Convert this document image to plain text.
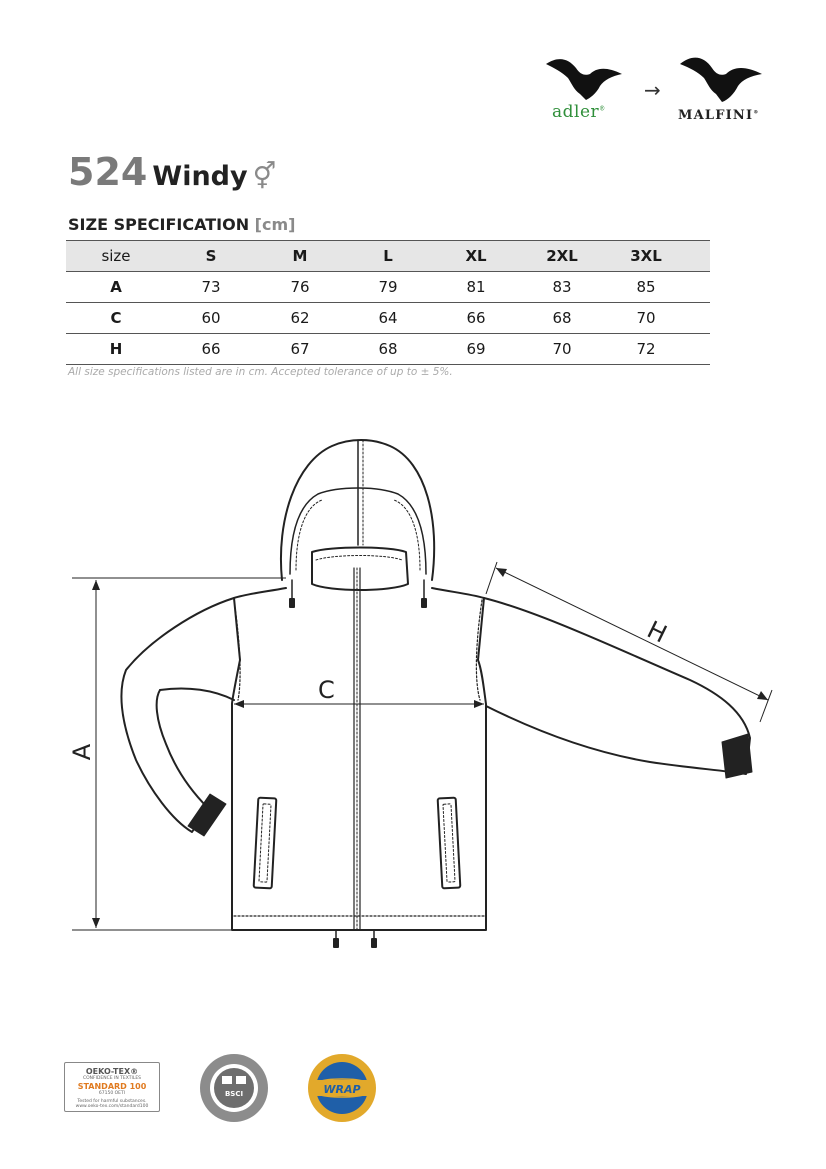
adler®
→
MALFINI®
524 Windy ⚥
SIZE SPECIFICATION [cm]
size	S	M	L	XL	2XL	3XL
A	73	76	79	81	83	85
C	60	62	64	66	68	70
H	66	67	68	69	70	72
All size specifications listed are in cm. Accepted tolerance of up to ± 5%.
A
C
H
OEKO-TEX®
CONFIDENCE IN TEXTILES
STANDARD 100
67150 OETI
Tested for harmful substances.
www.oeko-tex.com/standard100
BSCI	WRAP
